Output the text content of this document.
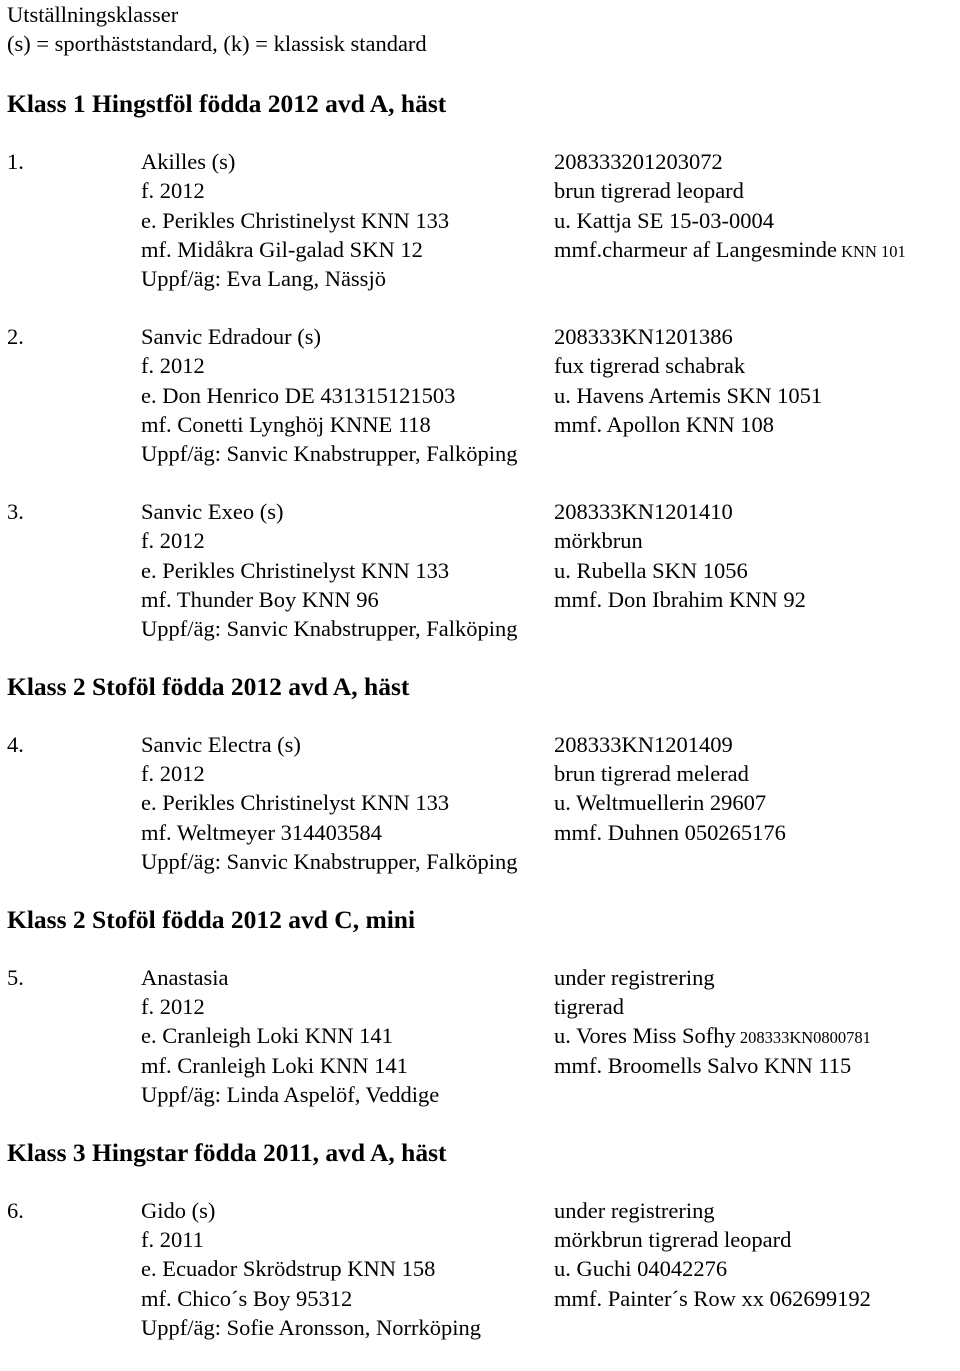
Utställningsklasser
(s) = sporthäststandard, (k) = klassisk standard
Klass 1 Hingstföl födda 2012 avd A, häst
1.	Akilles (s)	208333201203072
f. 2012	brun tigrerad leopard
e. Perikles Christinelyst KNN 133	u. Kattja SE 15-03-0004
mf. Midåkra Gil-galad SKN 12	mmf.charmeur af Langesminde KNN 101
Uppf/äg: Eva Lang, Nässjö
2.	Sanvic Edradour (s)	208333KN1201386
f. 2012	fux tigrerad schabrak
e. Don Henrico DE 431315121503	u. Havens Artemis SKN 1051
mf. Conetti Lynghöj KNNE 118	mmf. Apollon KNN 108
Uppf/äg: Sanvic Knabstrupper, Falköping
3.	Sanvic Exeo (s)	208333KN1201410
f. 2012	mörkbrun
e. Perikles Christinelyst KNN 133	u. Rubella SKN 1056
mf. Thunder Boy KNN 96	mmf. Don Ibrahim KNN 92
Uppf/äg: Sanvic Knabstrupper, Falköping
Klass 2 Stoföl födda 2012 avd A, häst
4.	Sanvic Electra (s)	208333KN1201409
f. 2012	brun tigrerad melerad
e. Perikles Christinelyst KNN 133	u. Weltmuellerin 29607
mf. Weltmeyer 314403584	mmf. Duhnen 050265176
Uppf/äg: Sanvic Knabstrupper, Falköping
Klass 2 Stoföl födda 2012 avd C, mini
5.	Anastasia	under registrering
f. 2012	tigrerad
e. Cranleigh Loki KNN 141	u. Vores Miss Sofhy 208333KN0800781
mf. Cranleigh Loki KNN 141	mmf. Broomells Salvo KNN 115
Uppf/äg: Linda Aspelöf, Veddige
Klass 3 Hingstar födda 2011, avd A, häst
6.	Gido (s)	under registrering
f. 2011	mörkbrun tigrerad leopard
e. Ecuador Skrödstrup KNN 158	u. Guchi 04042276
mf. Chico´s Boy 95312	mmf. Painter´s Row xx 062699192
Uppf/äg: Sofie Aronsson, Norrköping
